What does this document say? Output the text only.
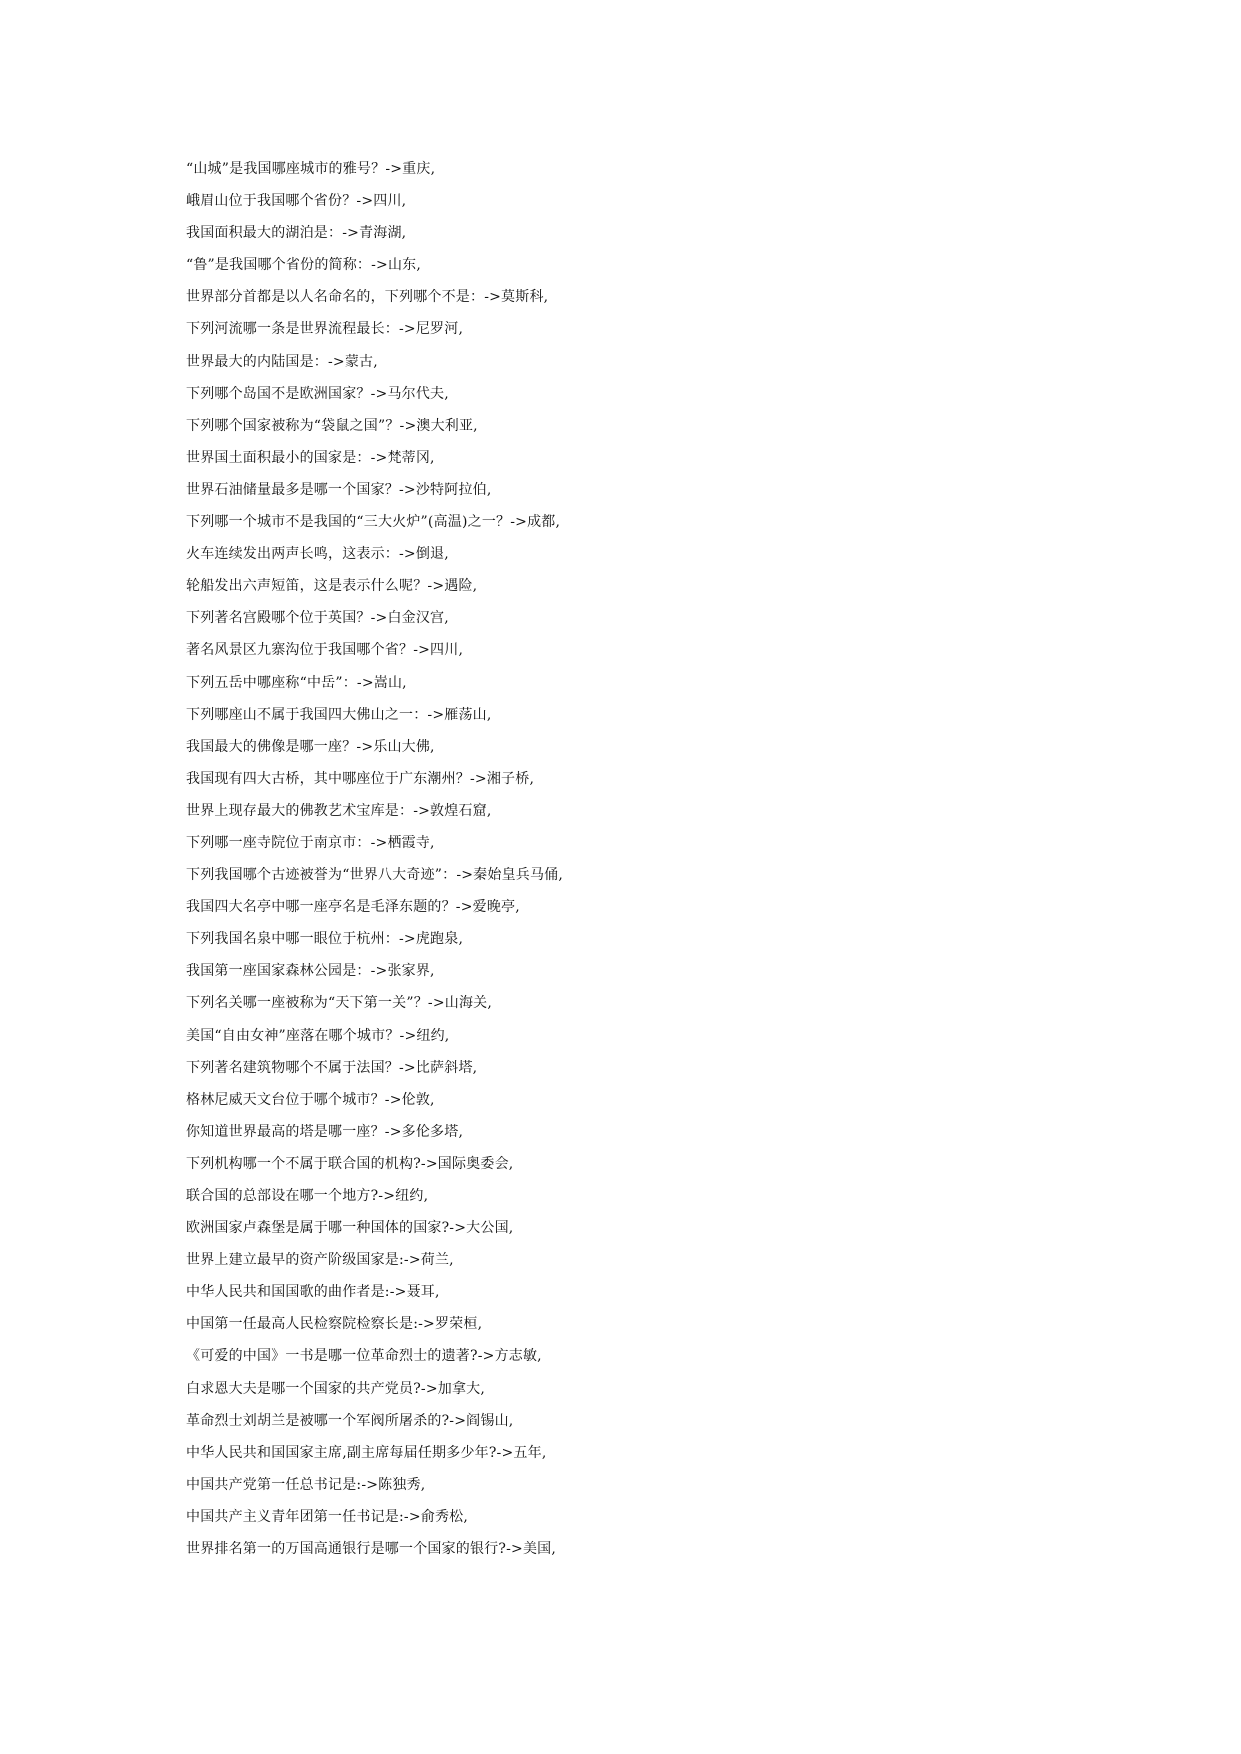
“山城”是我国哪座城市的雅号？->重庆,
峨眉山位于我国哪个省份？->四川,
我国面积最大的湖泊是：->青海湖,
“鲁”是我国哪个省份的简称：->山东,
世界部分首都是以人名命名的，下列哪个不是：->莫斯科,
下列河流哪一条是世界流程最长：->尼罗河,
世界最大的内陆国是：->蒙古,
下列哪个岛国不是欧洲国家？->马尔代夫,
下列哪个国家被称为“袋鼠之国”？->澳大利亚,
世界国土面积最小的国家是：->梵蒂冈,
世界石油储量最多是哪一个国家？->沙特阿拉伯,
下列哪一个城市不是我国的“三大火炉”(高温)之一？->成都,
火车连续发出两声长鸣，这表示：->倒退,
轮船发出六声短笛，这是表示什么呢？->遇险,
下列著名宫殿哪个位于英国？->白金汉宫,
著名风景区九寨沟位于我国哪个省？->四川,
下列五岳中哪座称“中岳”：->嵩山,
下列哪座山不属于我国四大佛山之一：->雁荡山,
我国最大的佛像是哪一座？->乐山大佛,
我国现有四大古桥，其中哪座位于广东潮州？->湘子桥,
世界上现存最大的佛教艺术宝库是：->敦煌石窟,
下列哪一座寺院位于南京市：->栖霞寺,
下列我国哪个古迹被誉为“世界八大奇迹”：->秦始皇兵马俑,
我国四大名亭中哪一座亭名是毛泽东题的？->爱晚亭,
下列我国名泉中哪一眼位于杭州：->虎跑泉,
我国第一座国家森林公园是：->张家界,
下列名关哪一座被称为“天下第一关”？->山海关,
美国“自由女神”座落在哪个城市？->纽约,
下列著名建筑物哪个不属于法国？->比萨斜塔,
格林尼威天文台位于哪个城市？->伦敦,
你知道世界最高的塔是哪一座？->多伦多塔,
下列机构哪一个不属于联合国的机构?->国际奥委会,
联合国的总部设在哪一个地方?->纽约,
欧洲国家卢森堡是属于哪一种国体的国家?->大公国,
世界上建立最早的资产阶级国家是:->荷兰,
中华人民共和国国歌的曲作者是:->聂耳,
中国第一任最高人民检察院检察长是:->罗荣桓,
《可爱的中国》一书是哪一位革命烈士的遗著?->方志敏,
白求恩大夫是哪一个国家的共产党员?->加拿大,
革命烈士刘胡兰是被哪一个军阀所屠杀的?->阎锡山,
中华人民共和国国家主席,副主席每届任期多少年?->五年,
中国共产党第一任总书记是:->陈独秀,
中国共产主义青年团第一任书记是:->俞秀松,
世界排名第一的万国高通银行是哪一个国家的银行?->美国,
